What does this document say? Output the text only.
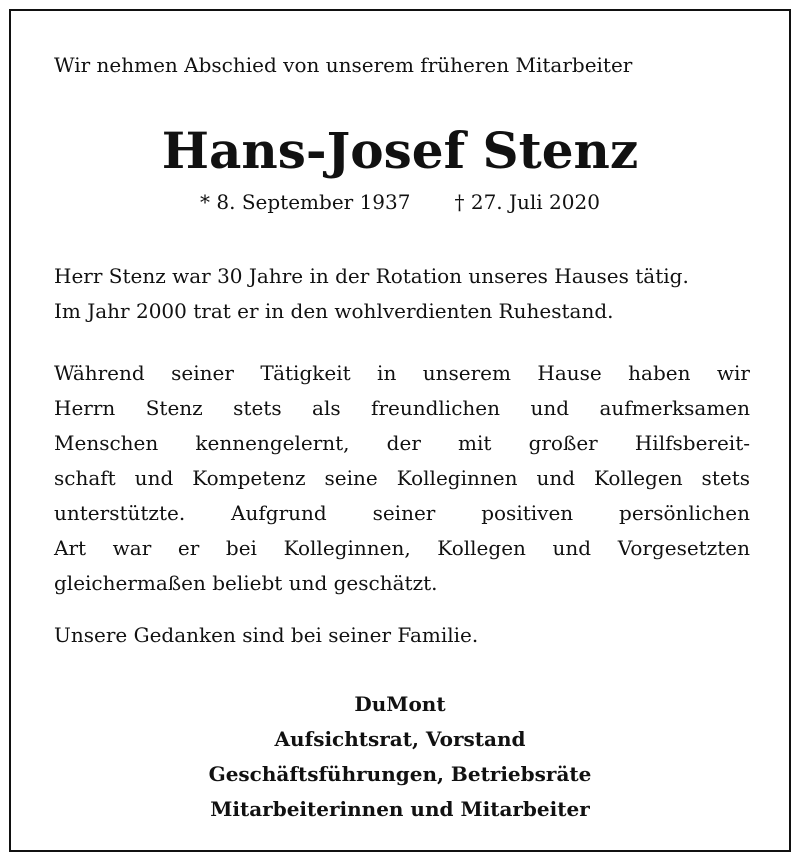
Wir nehmen Abschied von unserem früheren Mitarbeiter
Hans-Josef Stenz
* 8. September 1937 † 27. Juli 2020
Herr Stenz war 30 Jahre in der Rotation unseres Hauses tätig.
Im Jahr 2000 trat er in den wohlverdienten Ruhestand.
Während seiner Tätigkeit in unserem Hause haben wir
Herrn Stenz stets als freundlichen und aufmerksamen
Menschen kennengelernt, der mit großer Hilfsbereit-
schaft und Kompetenz seine Kolleginnen und Kollegen stets
unterstützte. Aufgrund seiner positiven persönlichen
Art war er bei Kolleginnen, Kollegen und Vorgesetzten
gleichermaßen beliebt und geschätzt.
Unsere Gedanken sind bei seiner Familie.
DuMont
Aufsichtsrat, Vorstand
Geschäftsführungen, Betriebsräte
Mitarbeiterinnen und Mitarbeiter
